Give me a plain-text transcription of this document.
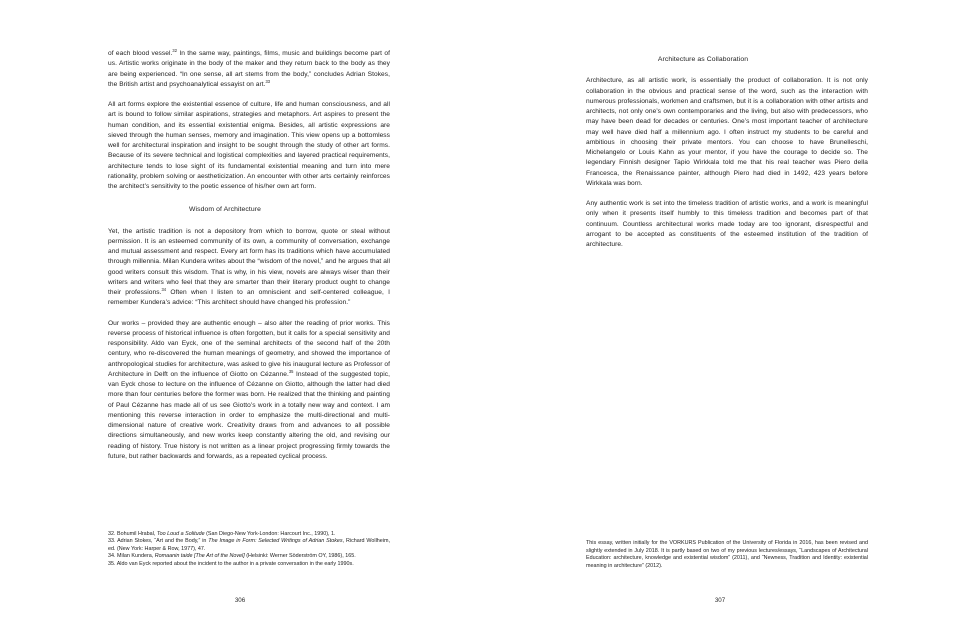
of each blood vessel.$^{32}$ In the same way, paintings, films, music and buildings become part of us. Artistic works originate in the body of the maker and they return back to the body as they are being experienced. “In one sense, all art stems from the body,” concludes Adrian Stokes, the British artist and psychoanalytical essayist on art.$^{33}$

All art forms explore the existential essence of culture, life and human consciousness, and all art is bound to follow similar aspirations, strategies and metaphors. Art aspires to present the human condition, and its essential existential enigma. Besides, all artistic expressions are sieved through the human senses, memory and imagination. This view opens up a bottomless well for architectural inspiration and insight to be sought through the study of other art forms. Because of its severe technical and logistical complexities and layered practical requirements, architecture tends to lose sight of its fundamental existential meaning and turn into mere rationality, problem solving or aestheticization. An encounter with other arts certainly reinforces the architect’s sensitivity to the poetic essence of his/her own art form.

Wisdom of Architecture

Yet, the artistic tradition is not a depository from which to borrow, quote or steal without permission. It is an esteemed community of its own, a community of conversation, exchange and mutual assessment and respect. Every art form has its traditions which have accumulated through millennia. Milan Kundera writes about the “wisdom of the novel,” and he argues that all good writers consult this wisdom. That is why, in his view, novels are always wiser than their writers and writers who feel that they are smarter than their literary product ought to change their professions.$^{34}$ Often when I listen to an omniscient and self-centered colleague, I remember Kundera’s advice: “This architect should have changed his profession.”

Our works – provided they are authentic enough – also alter the reading of prior works. This reverse process of historical influence is often forgotten, but it calls for a special sensitivity and responsibility. Aldo van Eyck, one of the seminal architects of the second half of the 20th century, who re-discovered the human meanings of geometry, and showed the importance of anthropological studies for architecture, was asked to give his inaugural lecture as Professor of Architecture in Delft on the influence of Giotto on Cézanne.$^{35}$ Instead of the suggested topic, van Eyck chose to lecture on the influence of Cézanne on Giotto, although the latter had died more than four centuries before the former was born. He realized that the thinking and painting of Paul Cézanne has made all of us see Giotto’s work in a totally new way and context. I am mentioning this reverse interaction in order to emphasize the multi-directional and multi-dimensional nature of creative work. Creativity draws from and advances to all possible directions simultaneously, and new works keep constantly altering the old, and revising our reading of history. True history is not written as a linear project progressing firmly towards the future, but rather backwards and forwards, as a repeated cyclical process.

32. Bohumil Hrabal, Too Loud a Solitude (San Diego-New York-London: Harcourt Inc., 1990), 1.

33. Adrian Stokes, “Art and the Body,” in The Image in Form: Selected Writings of Adrian Stokes, Richard Wollheim, ed. (New York: Harper & Row, 1977), 47.

34. Milan Kundera, Romaanin taide [The Art of the Novel] (Helsinki: Werner Söderström OY, 1986), 165.

35. Aldo van Eyck reported about the incident to the author in a private conversation in the early 1990s.

306
Architecture as Collaboration

Architecture, as all artistic work, is essentially the product of collaboration. It is not only collaboration in the obvious and practical sense of the word, such as the interaction with numerous professionals, workmen and craftsmen, but it is a collaboration with other artists and architects, not only one’s own contemporaries and the living, but also with predecessors, who may have been dead for decades or centuries. One’s most important teacher of architecture may well have died half a millennium ago. I often instruct my students to be careful and ambitious in choosing their private mentors. You can choose to have Brunelleschi, Michelangelo or Louis Kahn as your mentor, if you have the courage to decide so. The legendary Finnish designer Tapio Wirkkala told me that his real teacher was Piero della Francesca, the Renaissance painter, although Piero had died in 1492, 423 years before Wirkkala was born.

Any authentic work is set into the timeless tradition of artistic works, and a work is meaningful only when it presents itself humbly to this timeless tradition and becomes part of that continuum. Countless architectural works made today are too ignorant, disrespectful and arrogant to be accepted as constituents of the esteemed institution of the tradition of architecture.

This essay, written initially for the VORKURS Publication of the University of Florida in 2016, has been revised and slightly extended in July 2018. It is partly based on two of my previous lectures/essays, “Landscapes of Architectural Education: architecture, knowledge and existential wisdom” (2011), and “Newness, Tradition and Identity: existential meaning in architecture” (2012).
307
